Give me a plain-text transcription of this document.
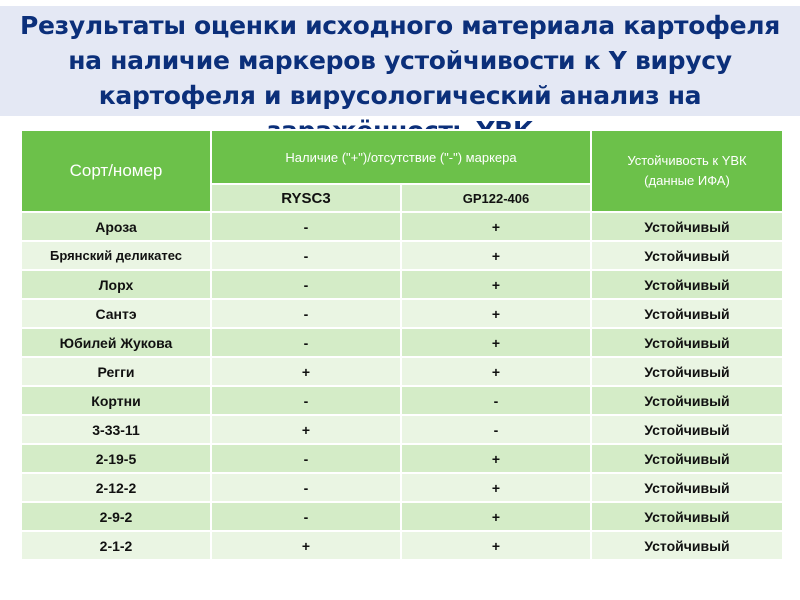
Результаты оценки исходного материала картофеля на наличие маркеров устойчивости к Y вирусу картофеля и вирусологический анализ на
Сорт/номер	Наличие ("+")/отсутствие ("-") маркера		Устойчивость к YВК
(данные ИФА)
	RYSC3	GP122-406	
Ароза	-	+	Устойчивый
Брянский деликатес	-	+	Устойчивый
Лорх	-	+	Устойчивый
Сантэ	-	+	Устойчивый
Юбилей Жукова	-	+	Устойчивый
Регги	+	+	Устойчивый
Кортни	-	-	Устойчивый
3-33-11	+	-	Устойчивый
2-19-5	-	+	Устойчивый
2-12-2	-	+	Устойчивый
2-9-2	-	+	Устойчивый
2-1-2	+	+	Устойчивый
